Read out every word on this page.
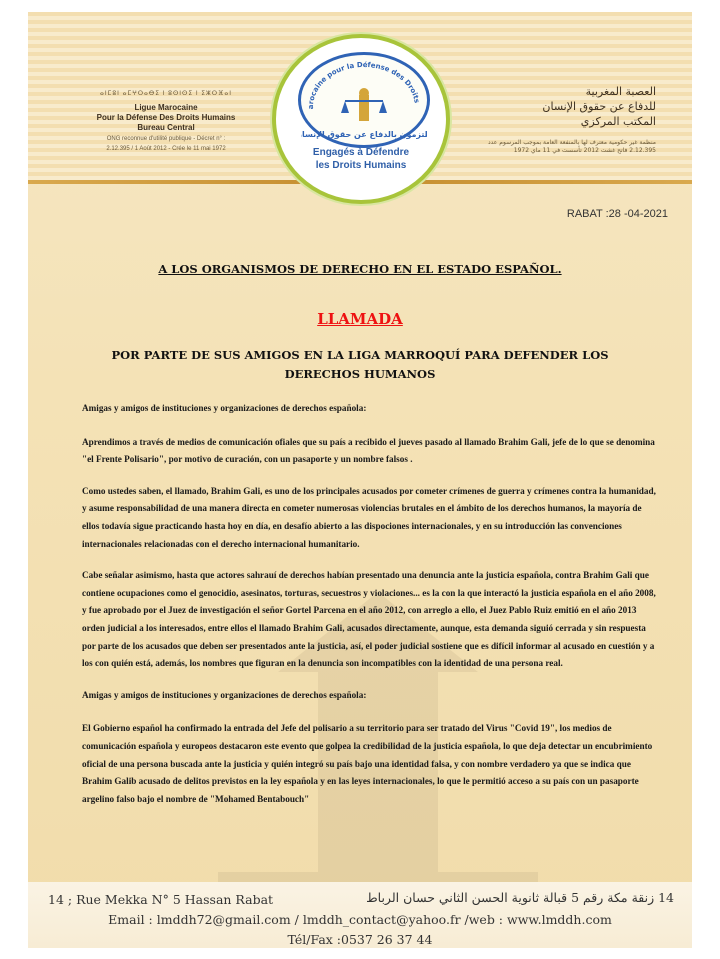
ⴰⵏⵎⵓⵏ ⴰⵎⵖⵔⴰⴱⵉ ⵏ ⵓⵙⵏⵙⵉ ⵏ ⵉⵣⵔⴼⴰⵏ
Ligue Marocaine
Pour la Défense Des Droits Humains
Bureau Central
ONG reconnue d'utilité publique - Décret n° :
2.12.395 / 1 Août 2012 - Crée le 11 mai 1972
arocaine pour la Défense des Droits
ملتزمون بالدفاع عن حقوق الإنسان
Engagés à Défendre
les Droits Humains
العصبة المغربية
للدفاع عن حقوق الإنسان
المكتب المركزي
منظمة غير حكومية معترف لها بالمنفعة العامة بموجب المرسوم عدد 2.12.395 فاتح غشت 2012 تأسست في 11 ماي 1972
RABAT :28 -04-2021
A LOS ORGANISMOS DE DERECHO EN EL ESTADO ESPAÑOL.
LLAMADA
POR PARTE DE SUS AMIGOS EN LA LIGA MARROQUÍ PARA DEFENDER LOS
DERECHOS HUMANOS

Amigas y amigos de instituciones y organizaciones de derechos española:

Aprendimos a través de medios de comunicación ofiales que su país a recibido el jueves pasado al llamado Brahim Gali, jefe de lo que se denomina "el Frente Polisario", por motivo de curación, con un pasaporte y un nombre falsos .

Como ustedes saben, el llamado, Brahim Gali, es uno de los principales acusados por cometer crímenes de guerra y crímenes contra la humanidad, y asume responsabilidad de una manera directa en cometer numerosas violencias brutales en el ámbito de los derechos humanos, la mayoría de ellos todavía sigue practicando hasta hoy en día, en desafío abierto a las dispociones internacionales, y en su introducción las convenciones internacionales relacionadas con el derecho internacional humanitario.

Cabe señalar asimismo, hasta que actores sahrauí de derechos habían presentado una denuncia ante la justicia española, contra Brahim Gali que contiene ocupaciones como el genocidio, asesinatos, torturas, secuestros y violaciones... es la con la que interactó la justicia española en el año 2008, y fue aprobado por el Juez de investigación el señor Gortel Parcena en el año 2012, con arreglo a ello, el Juez Pablo Ruiz emitió en el año 2013 orden judicial a los interesados, entre ellos el llamado Brahim Gali, acusados directamente, aunque, esta demanda siguió cerrada y sin respuesta por parte de los acusados que deben ser presentados ante la justicia, así, el poder judicial sostiene que es difícil informar al acusado en cuestión y a los con quién está, además, los nombres que figuran en la denuncia son incompatibles con la identidad de una persona real.

Amigas y amigos de instituciones y organizaciones de derechos española:

El Gobierno español ha confirmado la entrada del Jefe del polisario a su territorio para ser tratado del Virus "Covid 19", los medios de comunicación española y europeos destacaron este evento que golpea la credibilidad de la justicia española, lo que deja detectar un encubrimiento oficial de una persona buscada ante la justicia y quién integró su país bajo una identidad falsa, y con nombre verdadero ya que se indica que Brahim Galib acusado de delitos previstos en la ley española y en las leyes internacionales, lo que le permitió acceso a su país con un pasaporte argelino falso bajo el nombre de "Mohamed Bentabouch"

14 ; Rue Mekka N° 5 Hassan Rabat	14 زنقة مكة رقم 5 قبالة ثانوية الحسن الثاني حسان الرباط
Email : lmddh72@gmail.com / lmddh_contact@yahoo.fr /web : www.lmddh.com
Tél/Fax :0537 26 37 44
